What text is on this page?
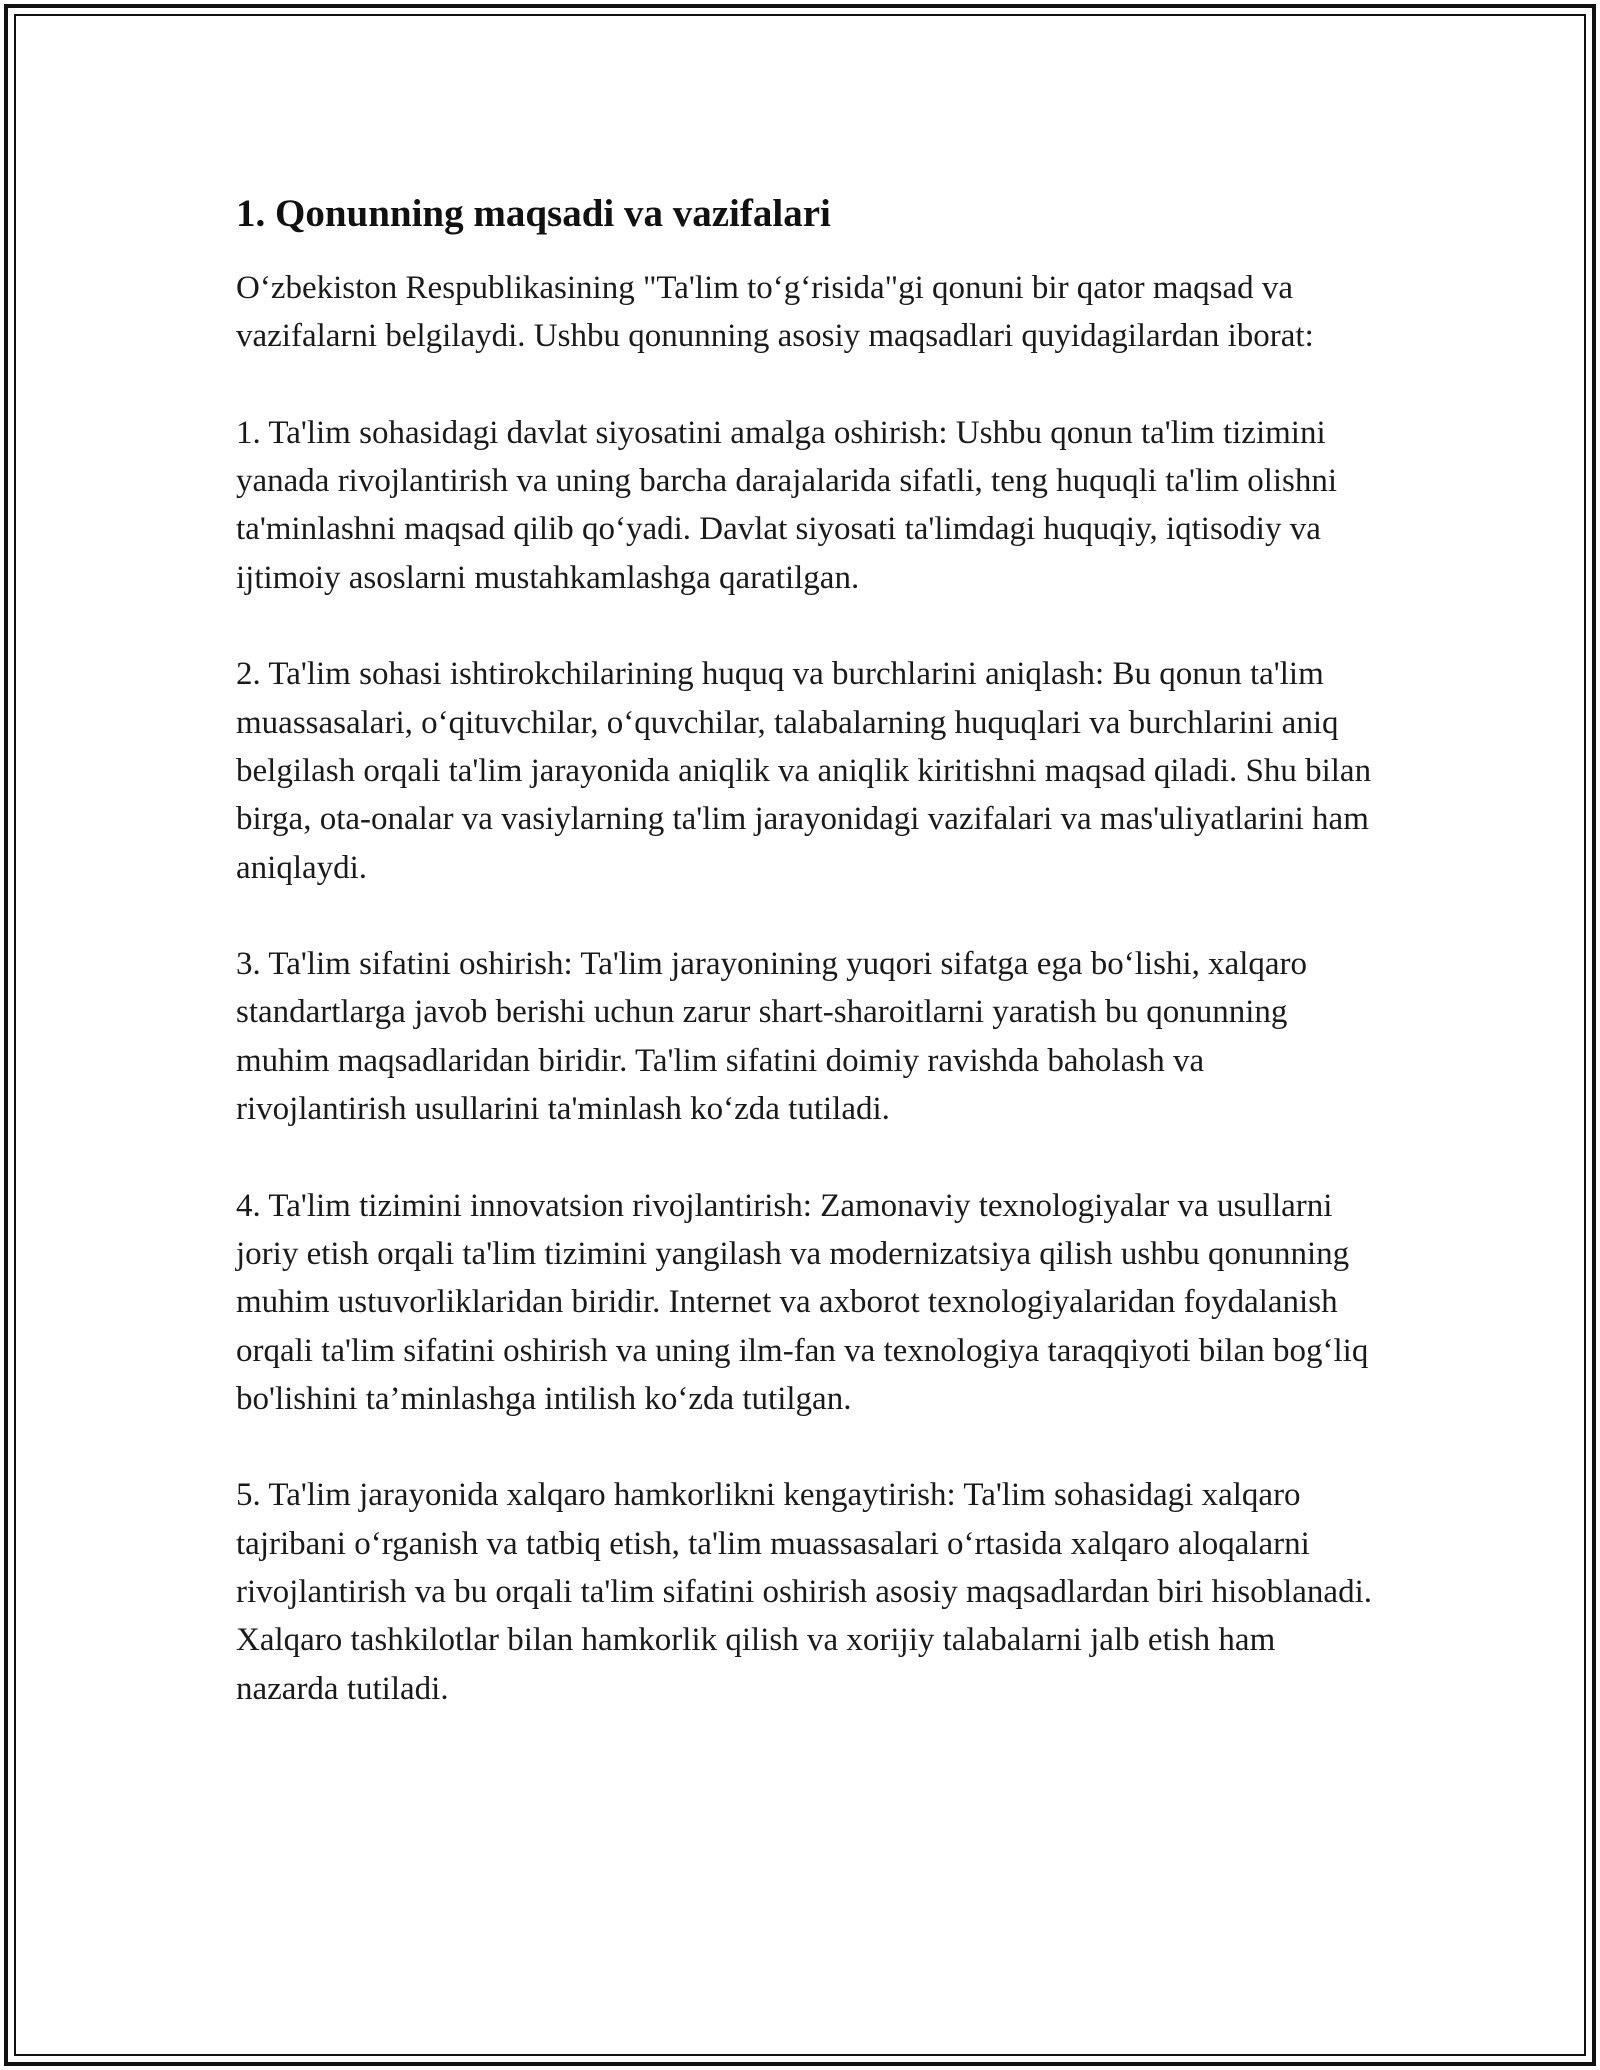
1. Qonunning maqsadi va vazifalari

O‘zbekiston Respublikasining "Ta'lim to‘g‘risida"gi qonuni bir qator maqsad va vazifalarni belgilaydi. Ushbu qonunning asosiy maqsadlari quyidagilardan iborat:

1. Ta'lim sohasidagi davlat siyosatini amalga oshirish: Ushbu qonun ta'lim tizimini yanada rivojlantirish va uning barcha darajalarida sifatli, teng huquqli ta'lim olishni ta'minlashni maqsad qilib qo‘yadi. Davlat siyosati ta'limdagi huquqiy, iqtisodiy va ijtimoiy asoslarni mustahkamlashga qaratilgan.

2. Ta'lim sohasi ishtirokchilarining huquq va burchlarini aniqlash: Bu qonun ta'lim muassasalari, o‘qituvchilar, o‘quvchilar, talabalarning huquqlari va burchlarini aniq belgilash orqali ta'lim jarayonida aniqlik va aniqlik kiritishni maqsad qiladi. Shu bilan birga, ota-onalar va vasiylarning ta'lim jarayonidagi vazifalari va mas'uliyatlarini ham aniqlaydi.

3. Ta'lim sifatini oshirish: Ta'lim jarayonining yuqori sifatga ega bo‘lishi, xalqaro standartlarga javob berishi uchun zarur shart-sharoitlarni yaratish bu qonunning muhim maqsadlaridan biridir. Ta'lim sifatini doimiy ravishda baholash va rivojlantirish usullarini ta'minlash ko‘zda tutiladi.

4. Ta'lim tizimini innovatsion rivojlantirish: Zamonaviy texnologiyalar va usullarni joriy etish orqali ta'lim tizimini yangilash va modernizatsiya qilish ushbu qonunning muhim ustuvorliklaridan biridir. Internet va axborot texnologiyalaridan foydalanish orqali ta'lim sifatini oshirish va uning ilm-fan va texnologiya taraqqiyoti bilan bog‘liq bo'lishini ta’minlashga intilish ko‘zda tutilgan.

5. Ta'lim jarayonida xalqaro hamkorlikni kengaytirish: Ta'lim sohasidagi xalqaro tajribani o‘rganish va tatbiq etish, ta'lim muassasalari o‘rtasida xalqaro aloqalarni rivojlantirish va bu orqali ta'lim sifatini oshirish asosiy maqsadlardan biri hisoblanadi. Xalqaro tashkilotlar bilan hamkorlik qilish va xorijiy talabalarni jalb etish ham nazarda tutiladi.
